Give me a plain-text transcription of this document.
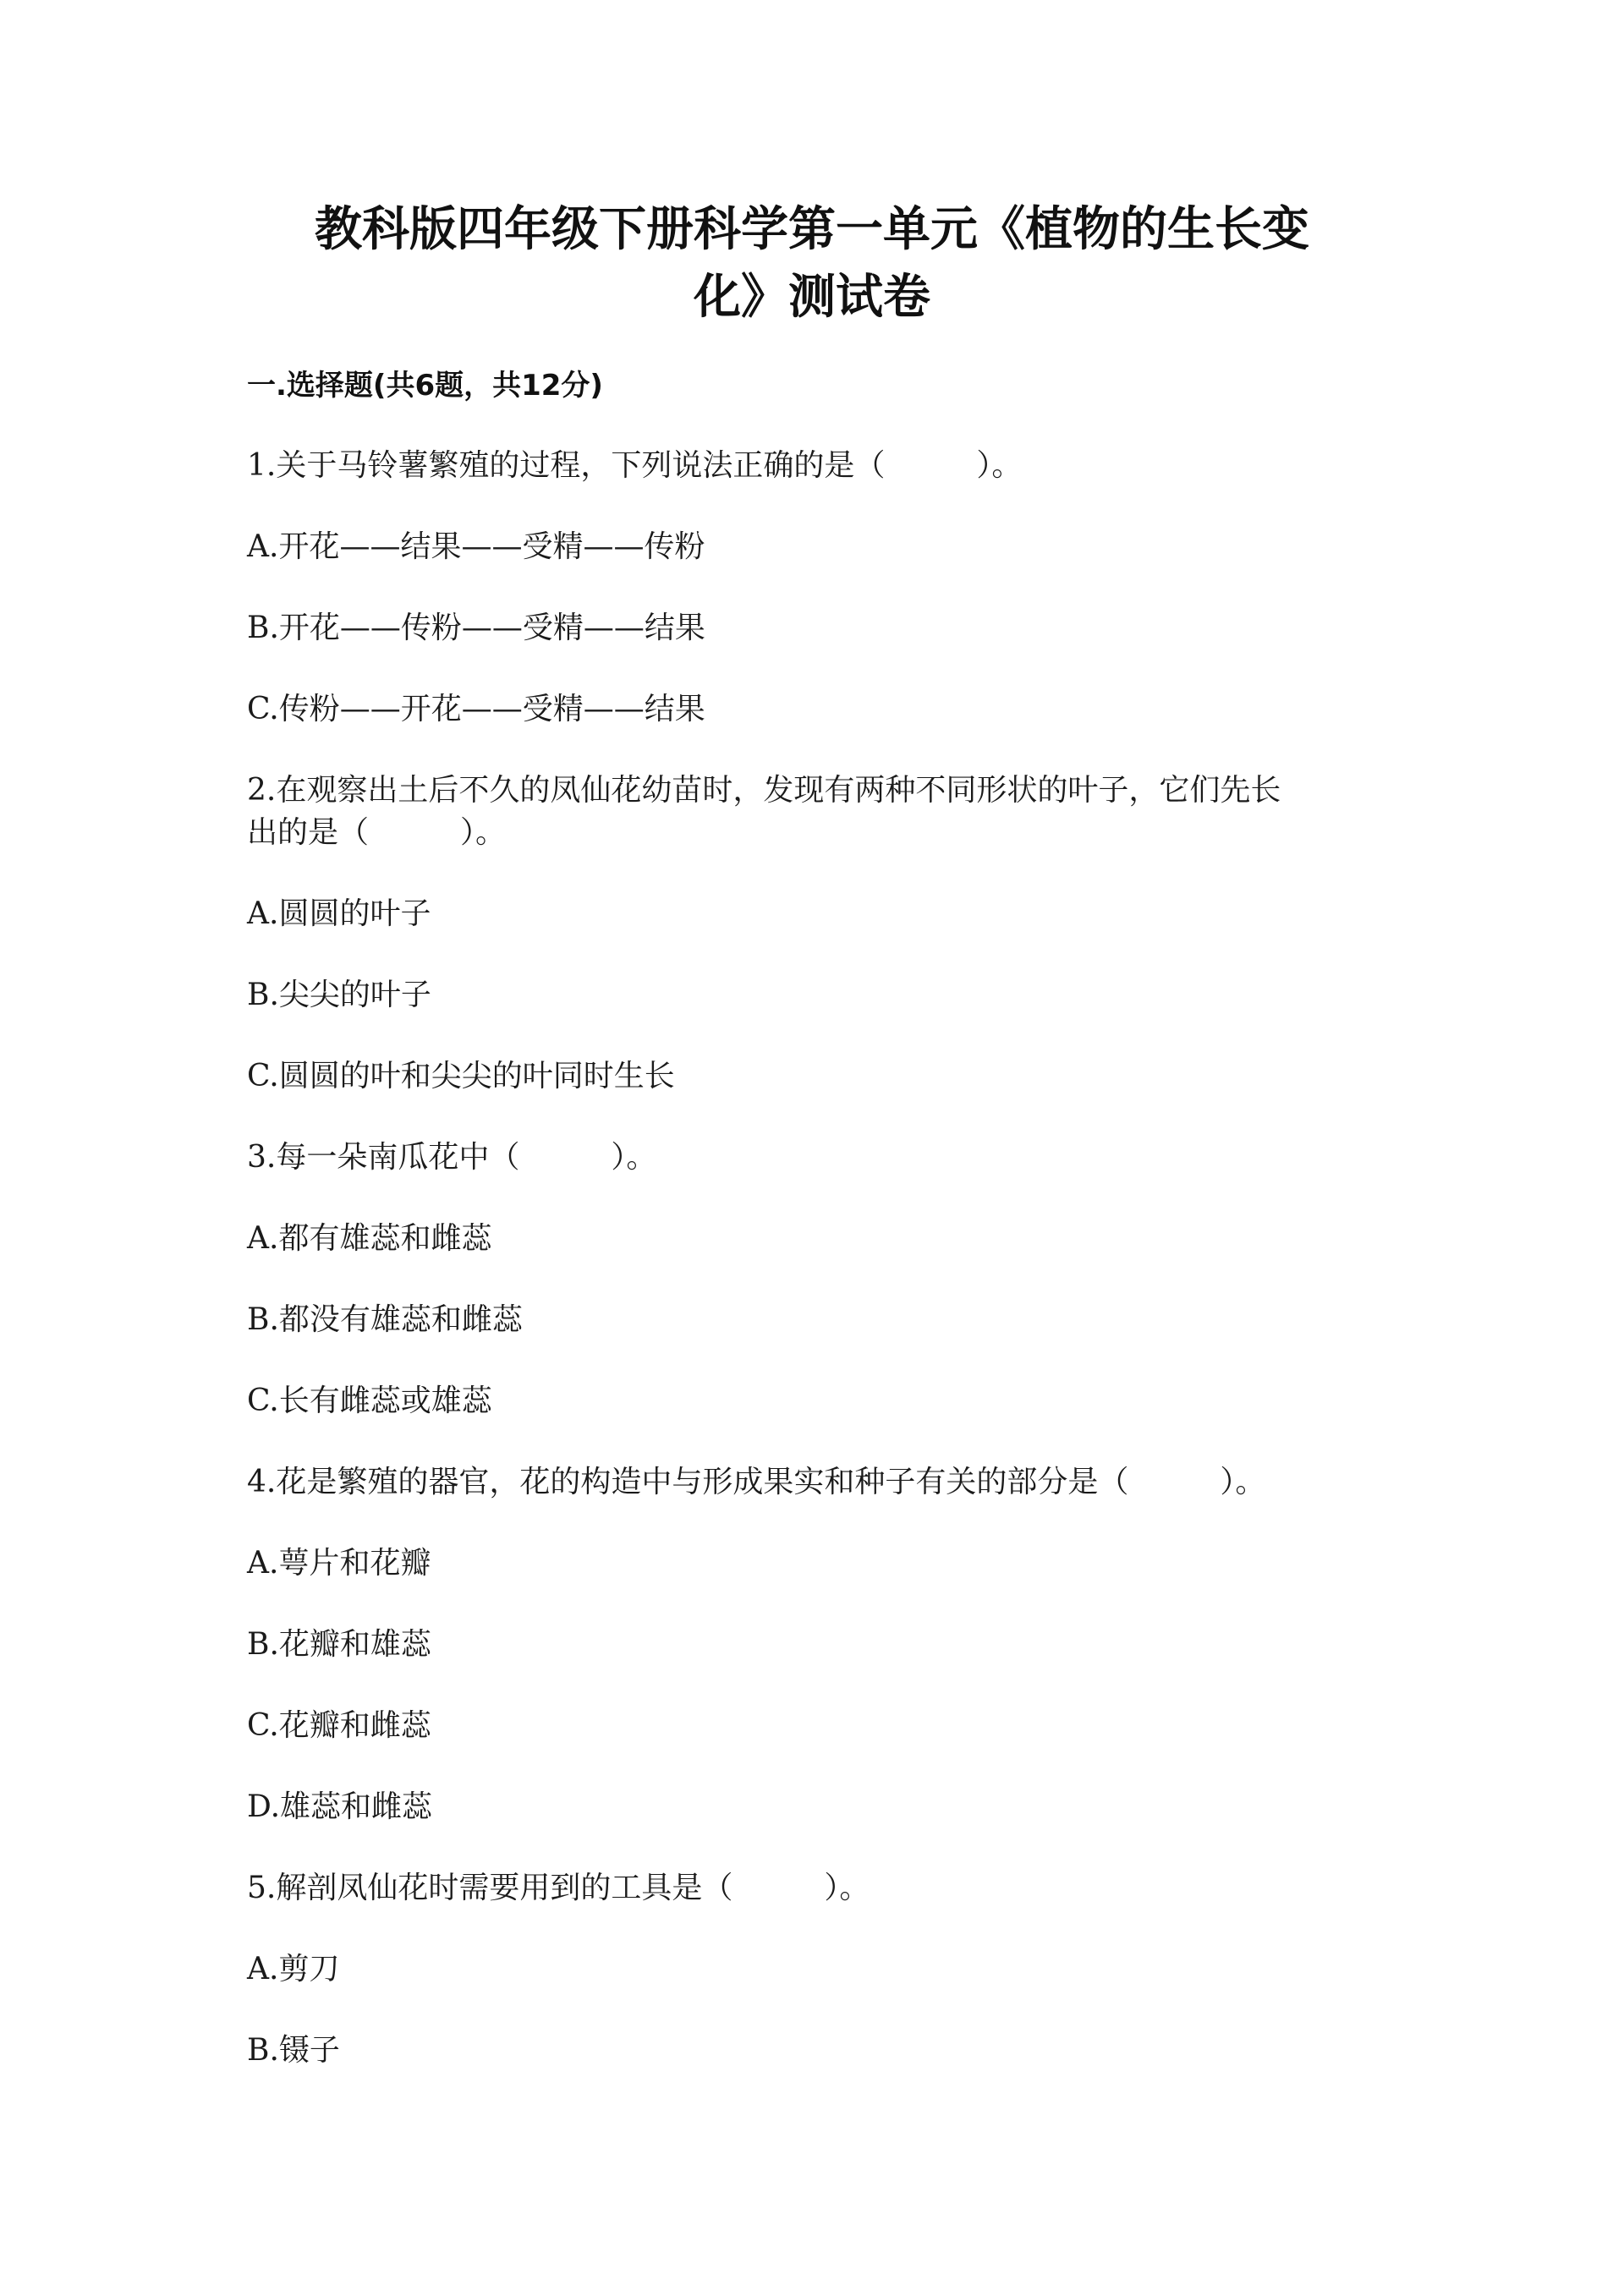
教科版四年级下册科学第一单元《植物的生长变
化》测试卷
一.选择题(共6题，共12分)

1.关于马铃薯繁殖的过程，下列说法正确的是（　　　）。

A.开花——结果——受精——传粉

B.开花——传粉——受精——结果

C.传粉——开花——受精——结果

2.在观察出土后不久的凤仙花幼苗时，发现有两种不同形状的叶子，它们先长

出的是（　　　）。

A.圆圆的叶子

B.尖尖的叶子

C.圆圆的叶和尖尖的叶同时生长

3.每一朵南瓜花中（　　　）。

A.都有雄蕊和雌蕊

B.都没有雄蕊和雌蕊

C.长有雌蕊或雄蕊

4.花是繁殖的器官，花的构造中与形成果实和种子有关的部分是（　　　）。

A.萼片和花瓣

B.花瓣和雄蕊

C.花瓣和雌蕊

D.雄蕊和雌蕊

5.解剖凤仙花时需要用到的工具是（　　　）。

A.剪刀

B.镊子
